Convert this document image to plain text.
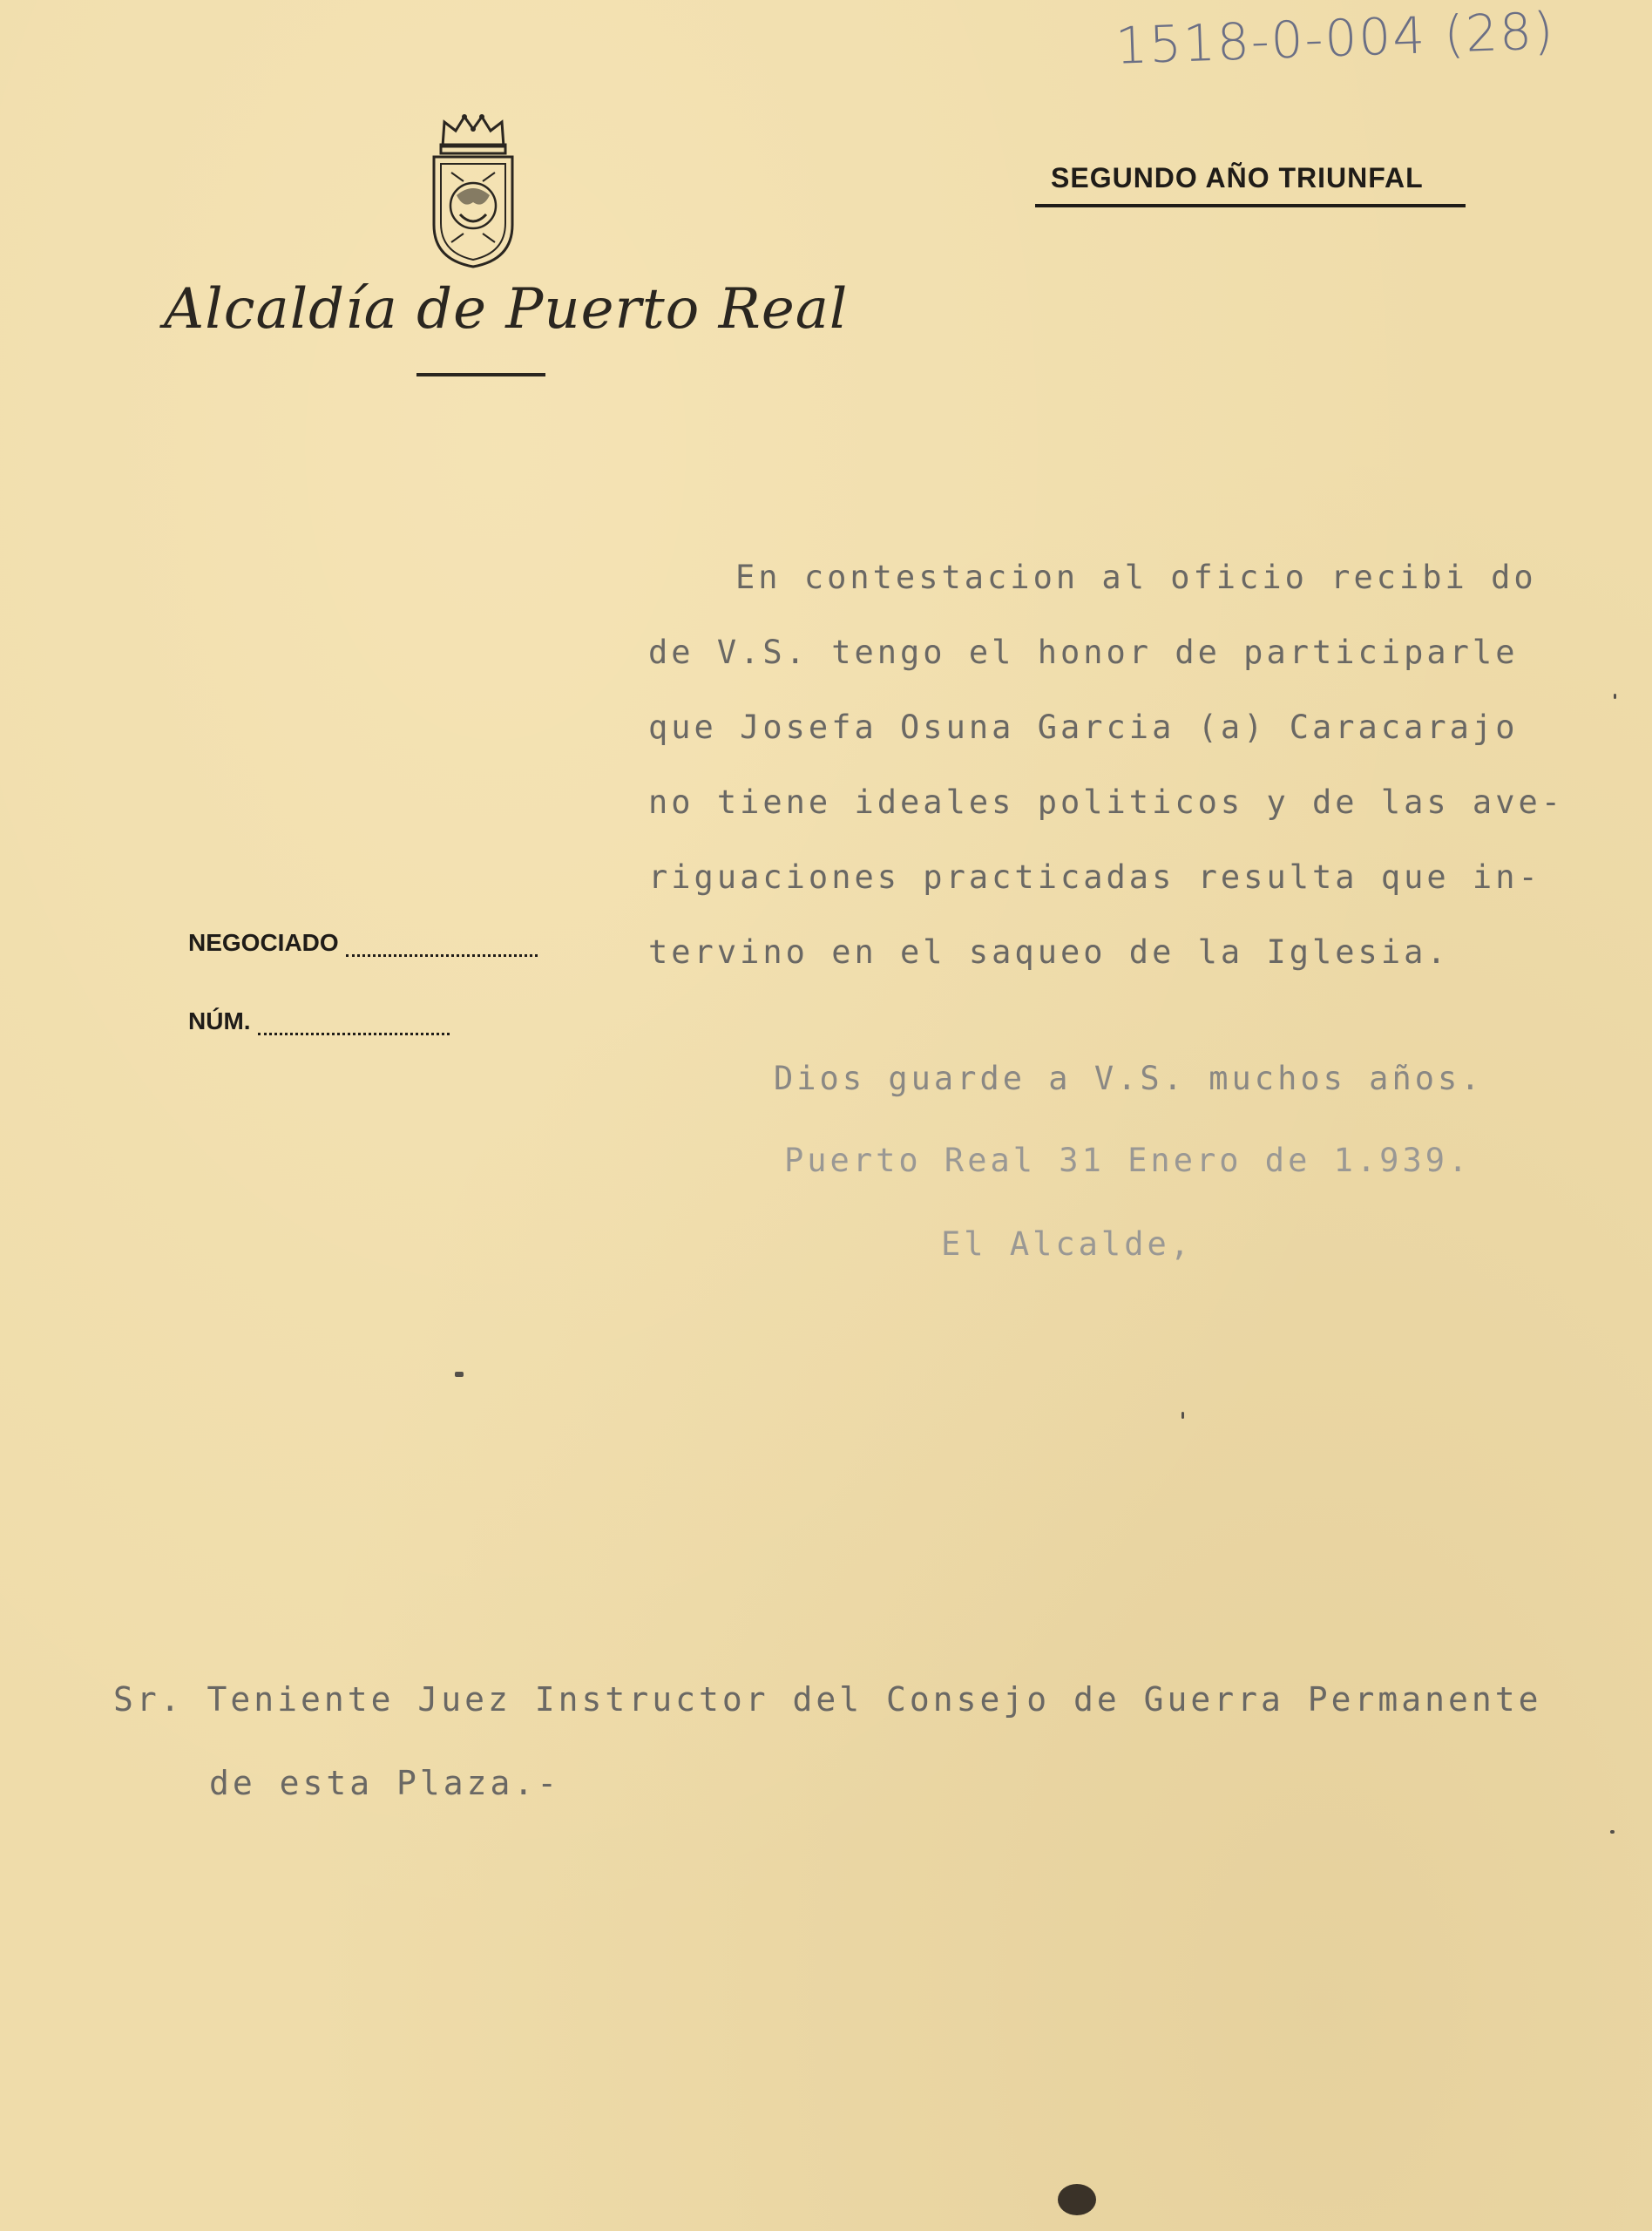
1518-0-004 (28)
Alcaldía de Puerto Real
SEGUNDO AÑO TRIUNFAL
NEGOCIADO
NÚM.
En contestacion al oficio recibi do
de V.S. tengo el honor de participarle
que Josefa Osuna Garcia (a) Caracarajo
no tiene ideales politicos y de las ave-
riguaciones practicadas resulta que in-
tervino en el saqueo de la Iglesia.
Dios guarde a V.S. muchos años.
Puerto Real 31 Enero de 1.939.
El Alcalde,
Sr. Teniente Juez Instructor del Consejo de Guerra Permanente
de esta Plaza.-
